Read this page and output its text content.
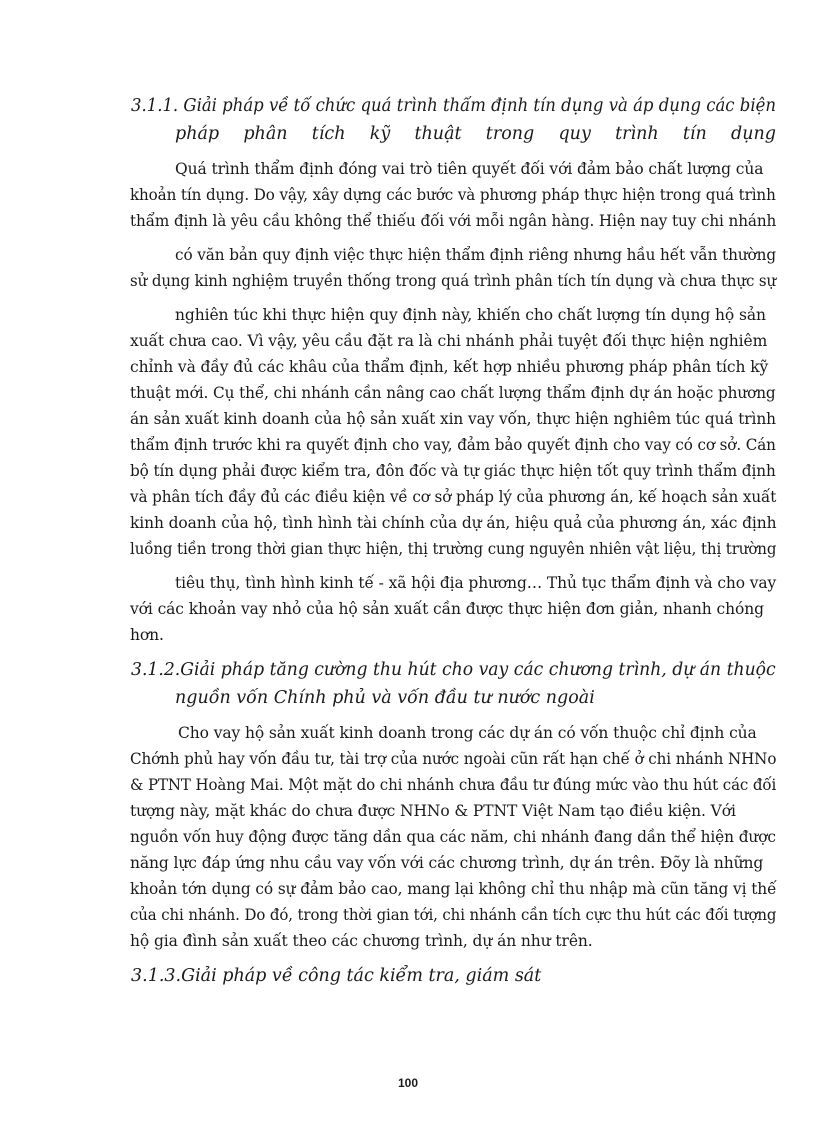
3.1.1. Giải pháp về tổ chức quá trình thẩm định tín dụng và áp dụng các biện
pháp phân tích kỹ thuật trong quy trình tín dụng
Quá trình thẩm định đóng vai trò tiên quyết đối với đảm bảo chất lượng của
khoản tín dụng. Do vậy, xây dựng các bước và phương pháp thực hiện trong quá trình
thẩm định là yêu cầu không thể thiếu đối với mỗi ngân hàng. Hiện nay tuy chi nhánh
có văn bản quy định việc thực hiện thẩm định riêng nhưng hầu hết vẫn thường
sử dụng kinh nghiệm truyền thống trong quá trình phân tích tín dụng và chưa thực sự
nghiên túc khi thực hiện quy định này, khiến cho chất lượng tín dụng hộ sản
xuất chưa cao. Vì vậy, yêu cầu đặt ra là chi nhánh phải tuyệt đối thực hiện nghiêm
chỉnh và đầy đủ các khâu của thẩm định, kết hợp nhiều phương pháp phân tích kỹ
thuật mới. Cụ thể, chi nhánh cần nâng cao chất lượng thẩm định dự án hoặc phương
án sản xuất kinh doanh của hộ sản xuất xin vay vốn, thực hiện nghiêm túc quá trình
thẩm định trước khi ra quyết định cho vay, đảm bảo quyết định cho vay có cơ sở. Cán
bộ tín dụng phải được kiểm tra, đôn đốc và tự giác thực hiện tốt quy trình thẩm định
và phân tích đầy đủ các điều kiện về cơ sở pháp lý của phương án, kế hoạch sản xuất
kinh doanh của hộ, tình hình tài chính của dự án, hiệu quả của phương án, xác định
luồng tiền trong thời gian thực hiện, thị trường cung nguyên nhiên vật liệu, thị trường
tiêu thụ, tình hình kinh tế - xã hội địa phương… Thủ tục thẩm định và cho vay
với các khoản vay nhỏ của hộ sản xuất cần được thực hiện đơn giản, nhanh chóng
hơn.
3.1.2.Giải pháp tăng cường thu hút cho vay các chương trình, dự án thuộc
nguồn vốn Chính phủ và vốn đầu tư nước ngoài
Cho vay hộ sản xuất kinh doanh trong các dự án có vốn thuộc chỉ định của
Chớnh phủ hay vốn đầu tư, tài trợ của nước ngoài cũn rất hạn chế ở chi nhánh NHNo
& PTNT Hoàng Mai. Một mặt do chi nhánh chưa đầu tư đúng mức vào thu hút các đối
tượng này, mặt khác do chưa được NHNo & PTNT Việt Nam tạo điều kiện. Với
nguồn vốn huy động được tăng dần qua các năm, chi nhánh đang dần thể hiện được
năng lực đáp ứng nhu cầu vay vốn với các chương trình, dự án trên. Đõy là những
khoản tớn dụng có sự đảm bảo cao, mang lại không chỉ thu nhập mà cũn tăng vị thế
của chi nhánh. Do đó, trong thời gian tới, chi nhánh cần tích cực thu hút các đối tượng
hộ gia đình sản xuất theo các chương trình, dự án như trên.
3.1.3.Giải pháp về công tác kiểm tra, giám sát
100
